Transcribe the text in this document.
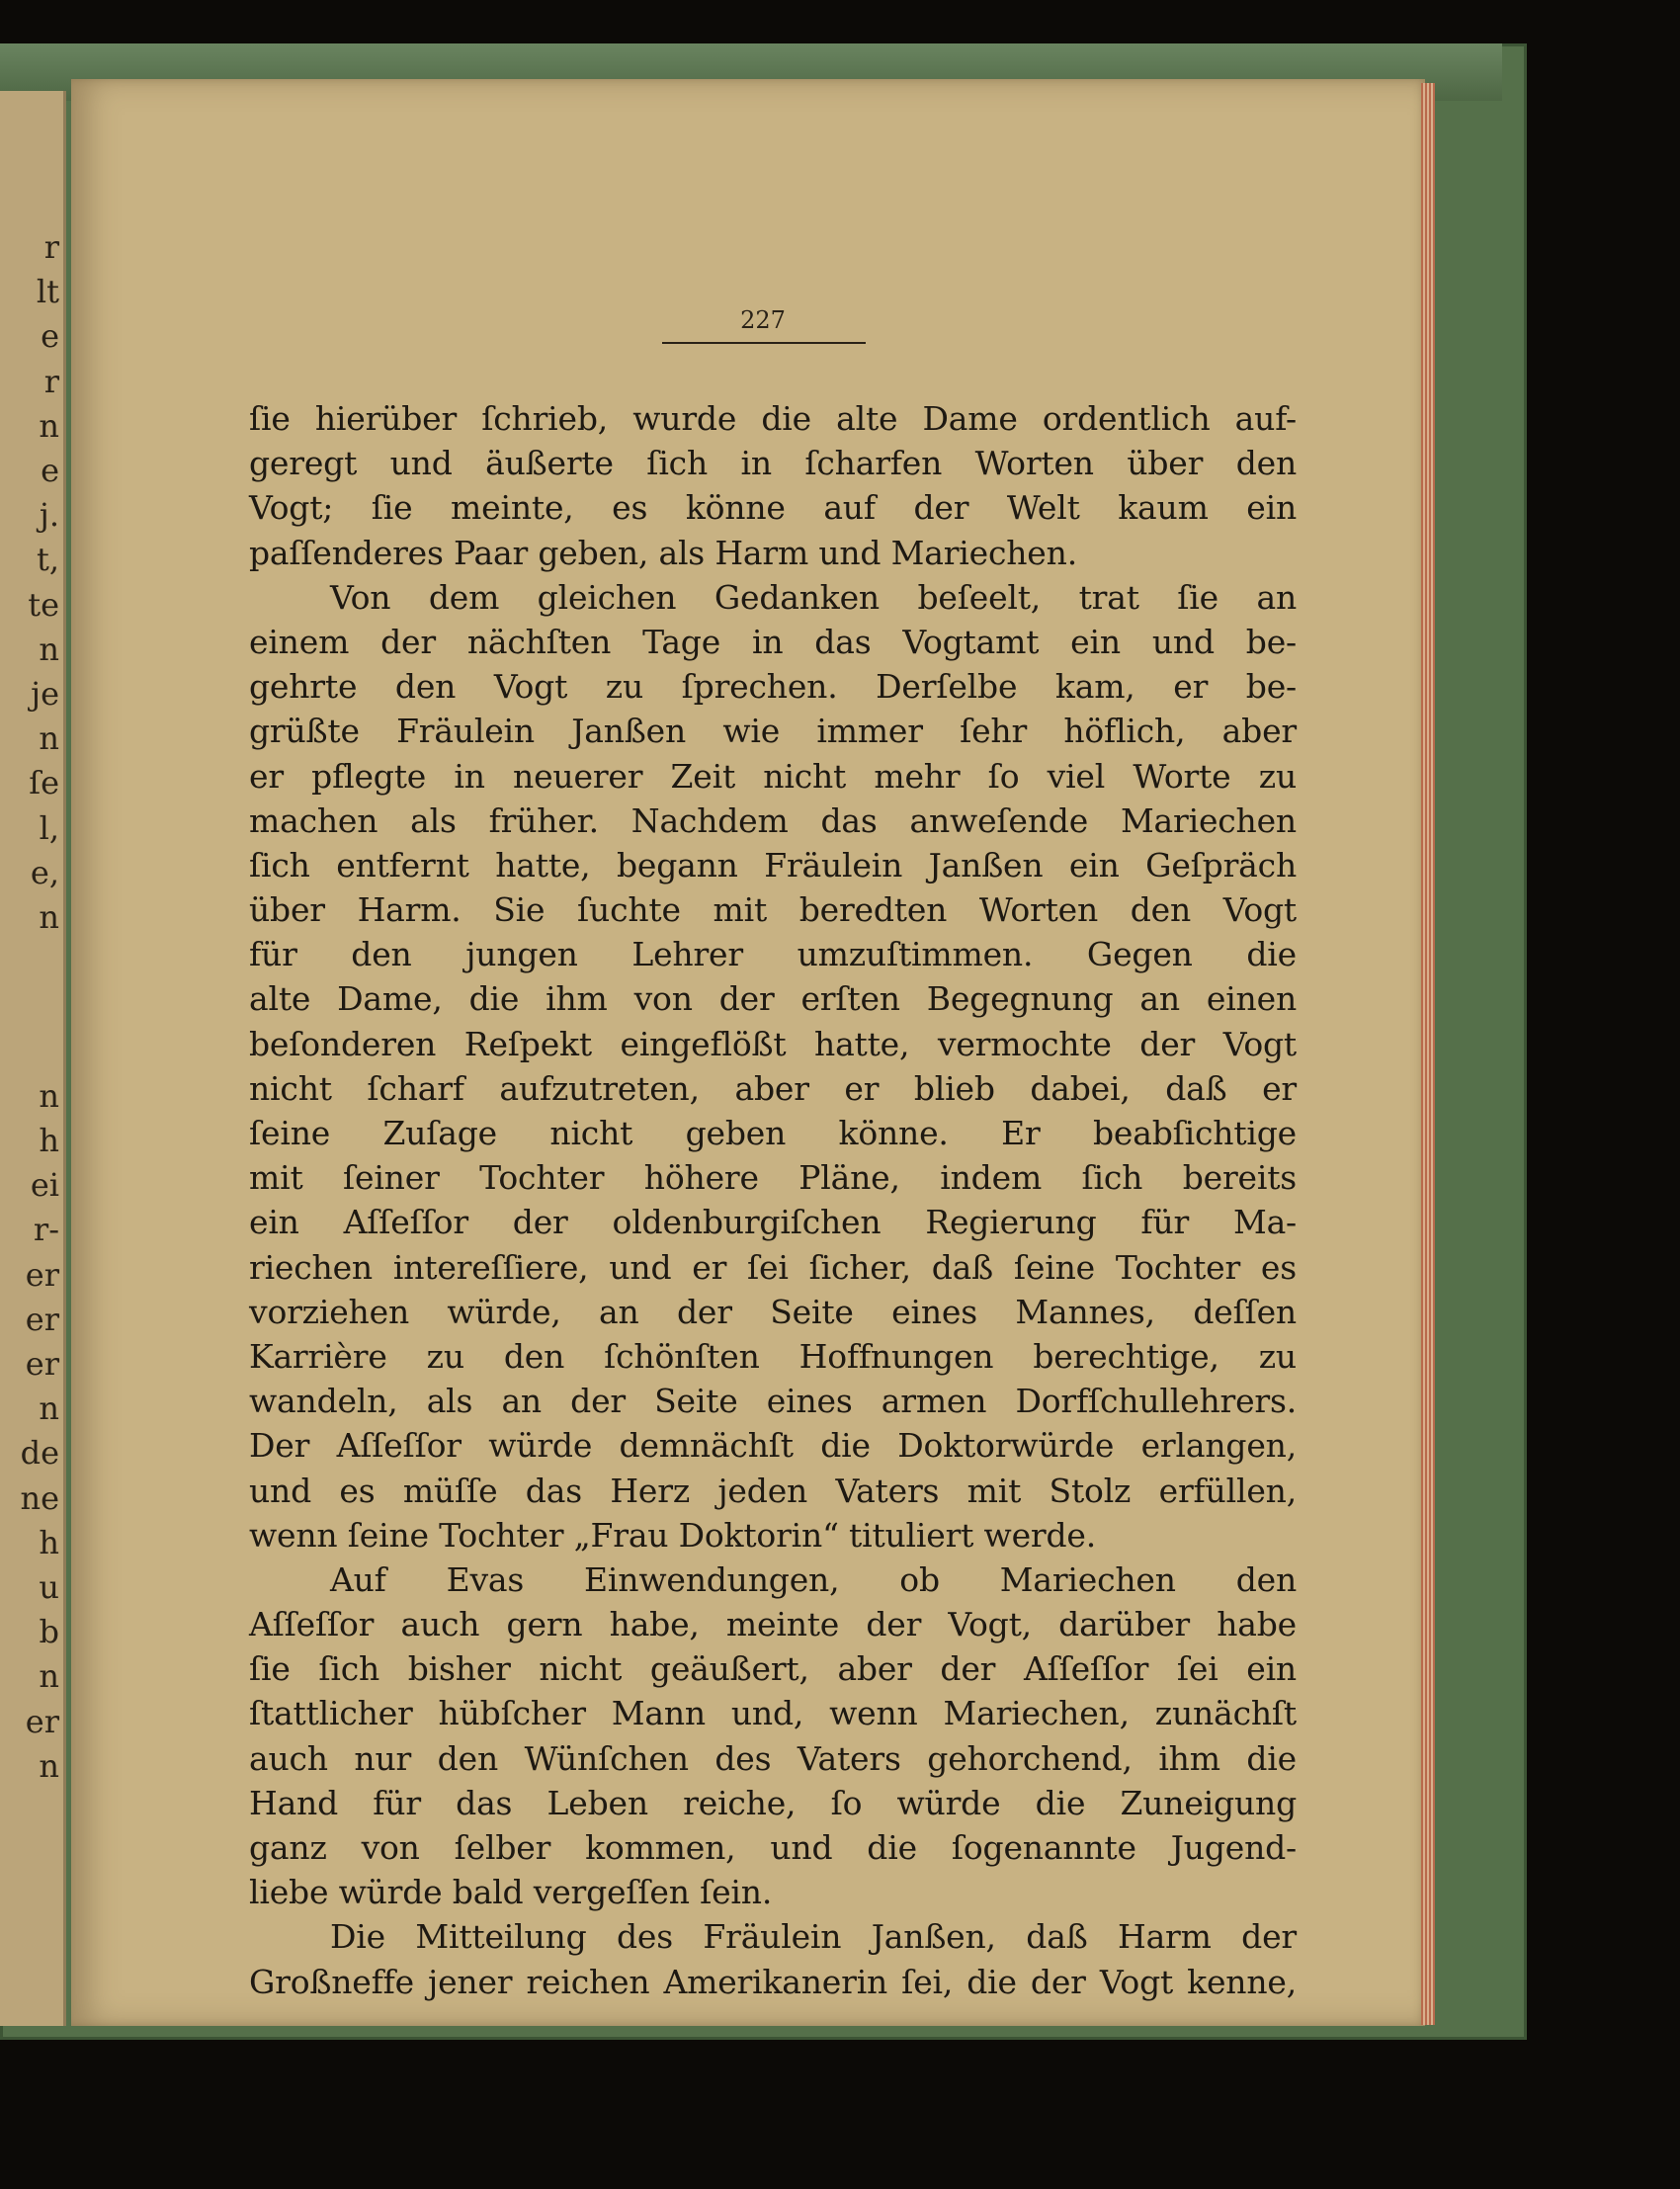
r
lt
e
r
n
e
j.
t,
te
n
je
n
ſe
l,
e,
n
n
h
ei
r-
er
er
er
n
de
ne
h
u
b
n
er
n
227
ſie hierüber ſchrieb, wurde die alte Dame ordentlich auf-
geregt und äußerte ſich in ſcharfen Worten über den
Vogt; ſie meinte, es könne auf der Welt kaum ein
paſſenderes Paar geben, als Harm und Mariechen.
Von dem gleichen Gedanken beſeelt, trat ſie an
einem der nächſten Tage in das Vogtamt ein und be-
gehrte den Vogt zu ſprechen. Derſelbe kam, er be-
grüßte Fräulein Janßen wie immer ſehr höflich, aber
er pflegte in neuerer Zeit nicht mehr ſo viel Worte zu
machen als früher. Nachdem das anweſende Mariechen
ſich entfernt hatte, begann Fräulein Janßen ein Geſpräch
über Harm. Sie ſuchte mit beredten Worten den Vogt
für den jungen Lehrer umzuſtimmen. Gegen die
alte Dame, die ihm von der erſten Begegnung an einen
beſonderen Reſpekt eingeflößt hatte, vermochte der Vogt
nicht ſcharf aufzutreten, aber er blieb dabei, daß er
ſeine Zuſage nicht geben könne. Er beabſichtige
mit ſeiner Tochter höhere Pläne, indem ſich bereits
ein Aſſeſſor der oldenburgiſchen Regierung für Ma-
riechen intereſſiere, und er ſei ſicher, daß ſeine Tochter es
vorziehen würde, an der Seite eines Mannes, deſſen
Karrière zu den ſchönſten Hoffnungen berechtige, zu
wandeln, als an der Seite eines armen Dorfſchullehrers.
Der Aſſeſſor würde demnächſt die Doktorwürde erlangen,
und es müſſe das Herz jeden Vaters mit Stolz erfüllen,
wenn ſeine Tochter „Frau Doktorin“ tituliert werde.
Auf Evas Einwendungen, ob Mariechen den
Aſſeſſor auch gern habe, meinte der Vogt, darüber habe
ſie ſich bisher nicht geäußert, aber der Aſſeſſor ſei ein
ſtattlicher hübſcher Mann und, wenn Mariechen, zunächſt
auch nur den Wünſchen des Vaters gehorchend, ihm die
Hand für das Leben reiche, ſo würde die Zuneigung
ganz von ſelber kommen, und die ſogenannte Jugend-
liebe würde bald vergeſſen ſein.
Die Mitteilung des Fräulein Janßen, daß Harm der
Großneffe jener reichen Amerikanerin ſei, die der Vogt kenne,
